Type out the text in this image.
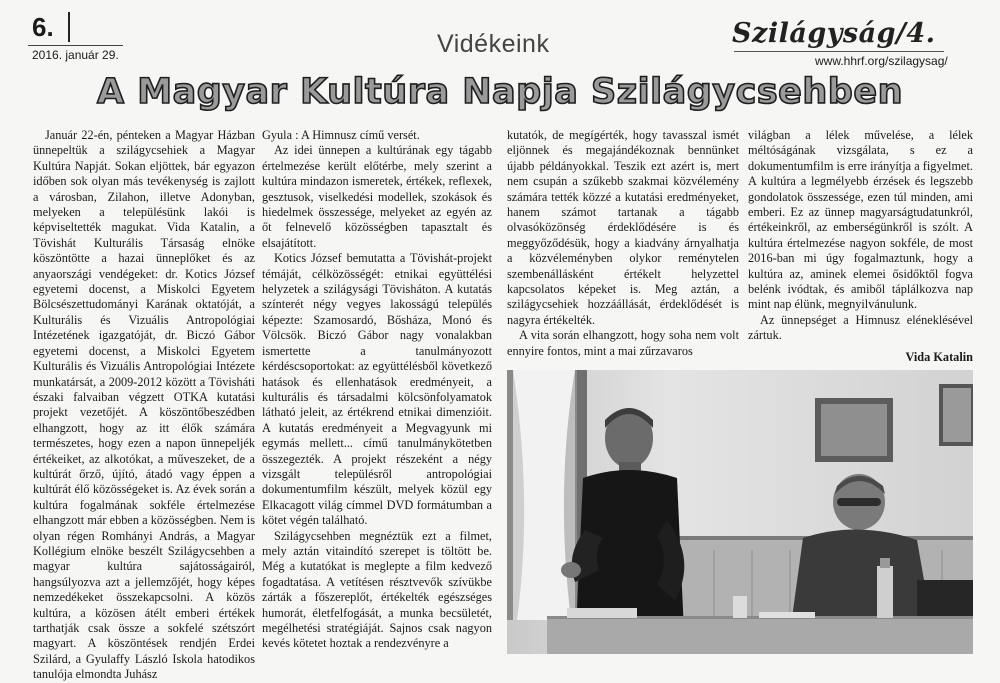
6.
2016. január 29.	Vidékeink	Szilágyság/4.
www.hhrf.org/szilagysag/
A Magyar Kultúra Napja Szilágycsehben

Január 22-én, pénteken a Magyar Házban ünnepeltük a szilágycsehiek a Magyar Kultúra Napját. Sokan eljöttek, bár egyazon időben sok olyan más tevékenység is zajlott a városban, Zilahon, illetve Adonyban, melyeken a településünk lakói is képviseltették magukat. Vida Katalin, a Tövishát Kulturális Társaság elnöke köszöntötte a hazai ünneplőket és az anyaországi vendégeket: dr. Kotics József egyetemi docenst, a Miskolci Egyetem Bölcsészettudományi Karának oktatóját, a Kulturális és Vizuális Antropológiai Intézetének igazgatóját, dr. Biczó Gábor egyetemi docenst, a Miskolci Egyetem Kulturális és Vizuális Antropológiai Intézete munkatársát, a 2009-2012 között a Tövisháti északi falvaiban végzett OTKA kutatási projekt vezetőjét. A köszöntőbeszédben elhangzott, hogy az itt élők számára természetes, hogy ezen a napon ünnepeljék értékeiket, az alkotókat, a műveszeket, de a kultúrát őrző, újító, átadó vagy éppen a kultúrát élő közösségeket is. Az évek során a kultúra fogalmának sokféle értelmezése elhangzott már ebben a közösségben. Nem is olyan régen Romhányi András, a Magyar Kollégium elnöke beszélt Szilágycsehben a magyar kultúra sajátosságairól, hangsúlyozva azt a jellemzőjét, hogy képes nemzedékeket összekapcsolni. A közös kultúra, a közösen átélt emberi értékek tarthatják csak össze a sokfelé szétszórt magyart. A köszöntések rendjén Erdei Szilárd, a Gyulaffy László Iskola hatodikos tanulója elmondta Juhász

Gyula : A Himnusz című versét.

Az idei ünnepen a kultúrának egy tágabb értelmezése került előtérbe, mely szerint a kultúra mindazon ismeretek, értékek, reflexek, gesztusok, viselkedési modellek, szokások és hiedelmek összessége, melyeket az egyén az őt felnevelő közösségben tapasztalt és elsajátított.

Kotics József bemutatta a Tövishát-projekt témáját, célközösségét: etnikai együttélési helyzetek a szilágysági Tövisháton. A kutatás színterét négy vegyes lakosságú település képezte: Szamosardó, Bősháza, Monó és Völcsök. Biczó Gábor nagy vonalakban ismertette a tanulmányozott kérdéscsoportokat: az együttélésből következő hatások és ellenhatások eredményeit, a kulturális és társadalmi kölcsönfolyamatok látható jeleit, az értékrend etnikai dimenzióit. A kutatás eredményeit a Megvagyunk mi egymás mellett... című tanulmánykötetben összegezték. A projekt részeként a négy vizsgált településről antropológiai dokumentumfilm készült, melyek közül egy Elkacagott világ címmel DVD formátumban a kötet végén található.

Szilágycsehben megnéztük ezt a filmet, mely aztán vitaindító szerepet is töltött be. Még a kutatókat is meglepte a film kedvező fogadtatása. A vetítésen résztvevők szívükbe zárták a főszereplőt, értékelték egészséges humorát, életfelfogását, a munka becsületét, megélhetési stratégiáját. Sajnos csak nagyon kevés kötetet hoztak a rendezvényre a

kutatók, de megígérték, hogy tavasszal ismét eljönnek és megajándékoznak bennünket újabb példányokkal. Teszik ezt azért is, mert nem csupán a szűkebb szakmai közvélemény számára tették közzé a kutatási eredményeket, hanem számot tartanak a tágabb olvasóközönség érdeklődésére is és meggyőződésük, hogy a kiadvány árnyalhatja a közvéleményben olykor reménytelen szembenállásként értékelt helyzettel kapcsolatos képeket is. Meg aztán, a szilágycsehiek hozzáállását, érdeklődését is nagyra értékelték.

A vita során elhangzott, hogy soha nem volt ennyire fontos, mint a mai zűrzavaros

világban a lélek művelése, a lélek méltóságának vizsgálata, s ez a dokumentumfilm is erre irányítja a figyelmet. A kultúra a legmélyebb érzések és legszebb gondolatok összessége, ezen túl minden, ami emberi. Ez az ünnep magyarságtudatunkról, értékeinkről, az emberségünkről is szólt. A kultúra értelmezése nagyon sokféle, de most 2016-ban mi úgy fogalmaztunk, hogy a kultúra az, aminek elemei ősidőktől fogva belénk ivódtak, és amiből táplálkozva nap mint nap élünk, megnyilvánulunk.

Az ünnepséget a Himnusz eléneklésével zártuk.

Vida Katalin
